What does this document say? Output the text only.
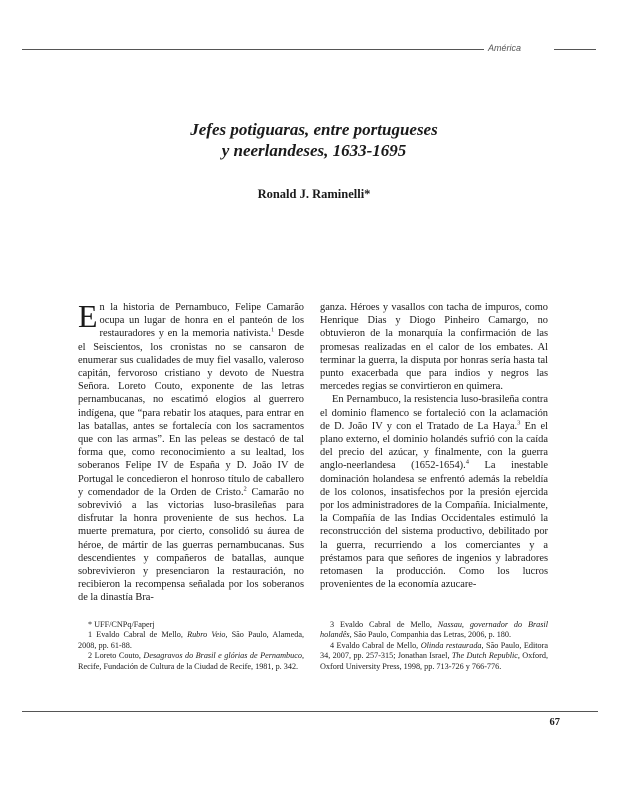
América
Jefes potiguaras, entre portugueses
y neerlandeses, 1633-1695
Ronald J. Raminelli*

En la historia de Pernambuco, Felipe Camarão ocupa un lugar de honra en el panteón de los restauradores y en la memoria nativista.$^1$ Desde el Seiscientos, los cronistas no se cansaron de enumerar sus cualidades de muy fiel vasallo, valeroso capitán, fervoroso cristiano y devoto de Nuestra Señora. Loreto Couto, exponente de las letras pernambucanas, no escatimó elogios al guerrero indígena, que “para rebatir los ataques, para entrar en las batallas, antes se fortalecía con los sacramentos que con las armas”. En las peleas se destacó de tal forma que, como reconocimiento a su lealtad, los soberanos Felipe IV de España y D. João IV de Portugal le concedieron el honroso título de caballero y comendador de la Orden de Cristo.$^2$ Camarão no sobrevivió a las victorias luso-brasileñas para disfrutar la honra proveniente de sus hechos. La muerte prematura, por cierto, consolidó su áurea de héroe, de mártir de las guerras pernambucanas. Sus descendientes y compañeros de batallas, aunque sobrevivieron y presenciaron la restauración, no recibieron la recompensa señalada por los soberanos de la dinastía Bra-

ganza. Héroes y vasallos con tacha de impuros, como Henrique Dias y Diogo Pinheiro Camargo, no obtuvieron de la monarquía la confirmación de las promesas realizadas en el calor de los embates. Al terminar la guerra, la disputa por honras sería hasta tal punto exacerbada que para indios y negros las mercedes regias se convirtieron en quimera.

En Pernambuco, la resistencia luso-brasileña contra el dominio flamenco se fortaleció con la aclamación de D. João IV y con el Tratado de La Haya.$^3$ En el plano externo, el dominio holandés sufrió con la caída del precio del azúcar, y finalmente, con la guerra anglo-neerlandesa (1652-1654).$^4$ La inestable dominación holandesa se enfrentó además la rebeldía de los colonos, insatisfechos por la presión ejercida por los administradores de la Compañía. Inicialmente, la Compañía de las Indias Occidentales estimuló la reconstrucción del sistema productivo, debilitado por la guerra, recurriendo a los comerciantes y a préstamos para que señores de ingenios y labradores retomasen la producción. Como los lucros provenientes de la economía azucare-

* UFF/CNPq/Faperj

1 Evaldo Cabral de Mello, Rubro Veio, São Paulo, Alameda, 2008, pp. 61-88.

2 Loreto Couto, Desagravos do Brasil e glórias de Pernambuco, Recife, Fundación de Cultura de la Ciudad de Recife, 1981, p. 342.

3 Evaldo Cabral de Mello, Nassau, governador do Brasil holandês, São Paulo, Companhia das Letras, 2006, p. 180.

4 Evaldo Cabral de Mello, Olinda restaurada, São Paulo, Editora 34, 2007, pp. 257-315; Jonathan Israel, The Dutch Republic, Oxford, Oxford University Press, 1998, pp. 713-726 y 766-776.

67
